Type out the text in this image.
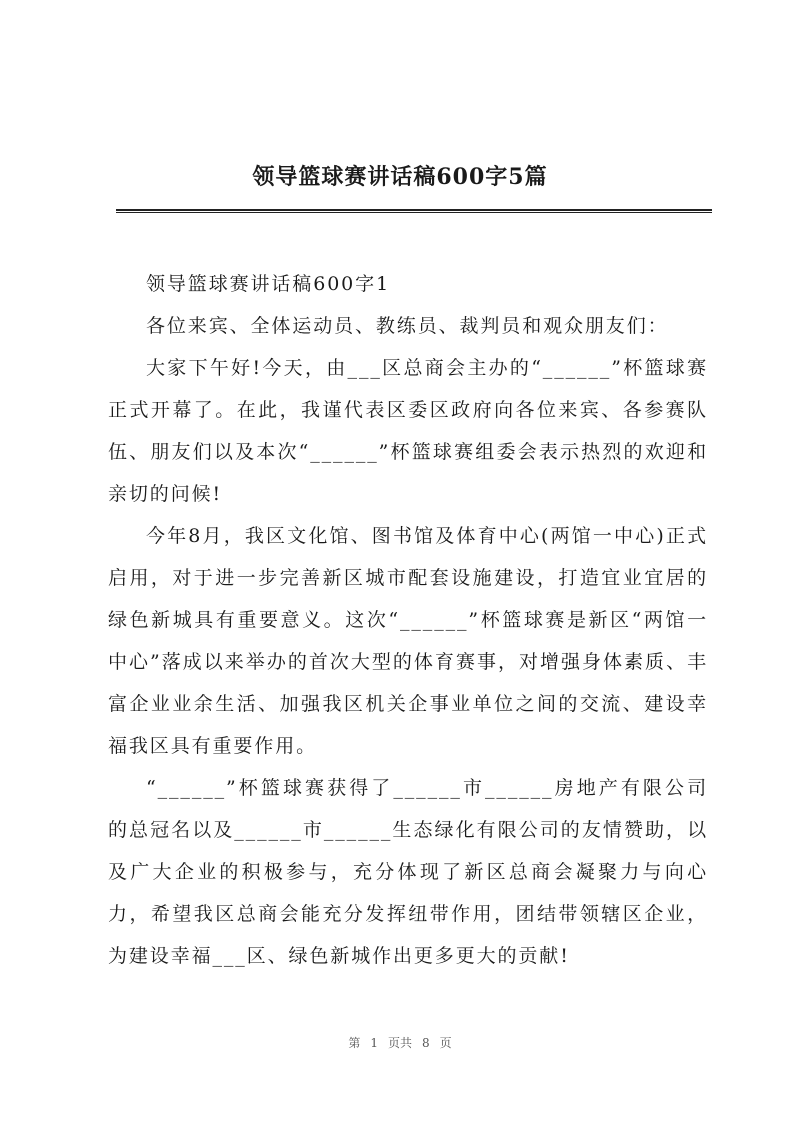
领导篮球赛讲话稿600字5篇

领导篮球赛讲话稿600字1

各位来宾、全体运动员、教练员、裁判员和观众朋友们：

大家下午好!今天，由___区总商会主办的“______”杯篮球赛正式开幕了。在此，我谨代表区委区政府向各位来宾、各参赛队伍、朋友们以及本次“______”杯篮球赛组委会表示热烈的欢迎和亲切的问候!

今年8月，我区文化馆、图书馆及体育中心(两馆一中心)正式启用，对于进一步完善新区城市配套设施建设，打造宜业宜居的绿色新城具有重要意义。这次“______”杯篮球赛是新区“两馆一中心”落成以来举办的首次大型的体育赛事，对增强身体素质、丰富企业业余生活、加强我区机关企事业单位之间的交流、建设幸福我区具有重要作用。

“______”杯篮球赛获得了______市______房地产有限公司的总冠名以及______市______生态绿化有限公司的友情赞助，以及广大企业的积极参与，充分体现了新区总商会凝聚力与向心力，希望我区总商会能充分发挥纽带作用，团结带领辖区企业，为建设幸福___区、绿色新城作出更多更大的贡献!

第 1 页共 8 页
